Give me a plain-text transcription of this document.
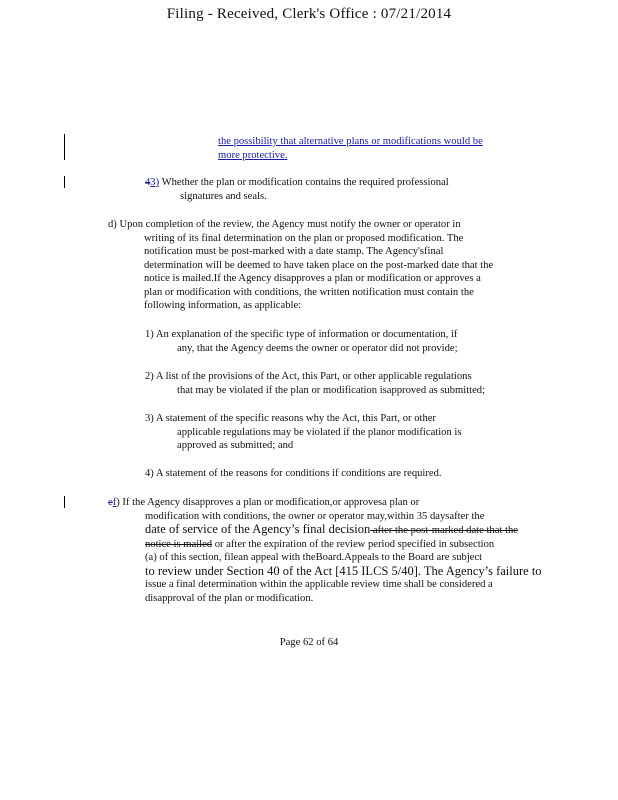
Filing - Received, Clerk's Office : 07/21/2014
the possibility that alternative plans or modifications would be
more protective.
43) Whether the plan or modification contains the required professional
signatures and seals.
d) Upon completion of the review, the Agency must notify the owner or operator in
writing of its final determination on the plan or proposed modification. The
notification must be post-marked with a date stamp. The Agency'sfinal
determination will be deemed to have taken place on the post-marked date that the
notice is mailed.If the Agency disapproves a plan or modification or approves a
plan or modification with conditions, the written notification must contain the
following information, as applicable:
1) An explanation of the specific type of information or documentation, if
any, that the Agency deems the owner or operator did not provide;
2) A list of the provisions of the Act, this Part, or other applicable regulations
that may be violated if the plan or modification isapproved as submitted;
3) A statement of the specific reasons why the Act, this Part, or other
applicable regulations may be violated if the planor modification is
approved as submitted; and
4) A statement of the reasons for conditions if conditions are required.
ef) If the Agency disapproves a plan or modification,or approvesa plan or
modification with conditions, the owner or operator may,within 35 daysafter the
date of service of the Agency’s final decision after the post-marked date that the
notice is mailed or after the expiration of the review period specified in subsection
(a) of this section, filean appeal with theBoard.Appeals to the Board are subject
to review under Section 40 of the Act [415 ILCS 5/40]. The Agency’s failure to
issue a final determination within the applicable review time shall be considered a
disapproval of the plan or modification.
Page 62 of 64
